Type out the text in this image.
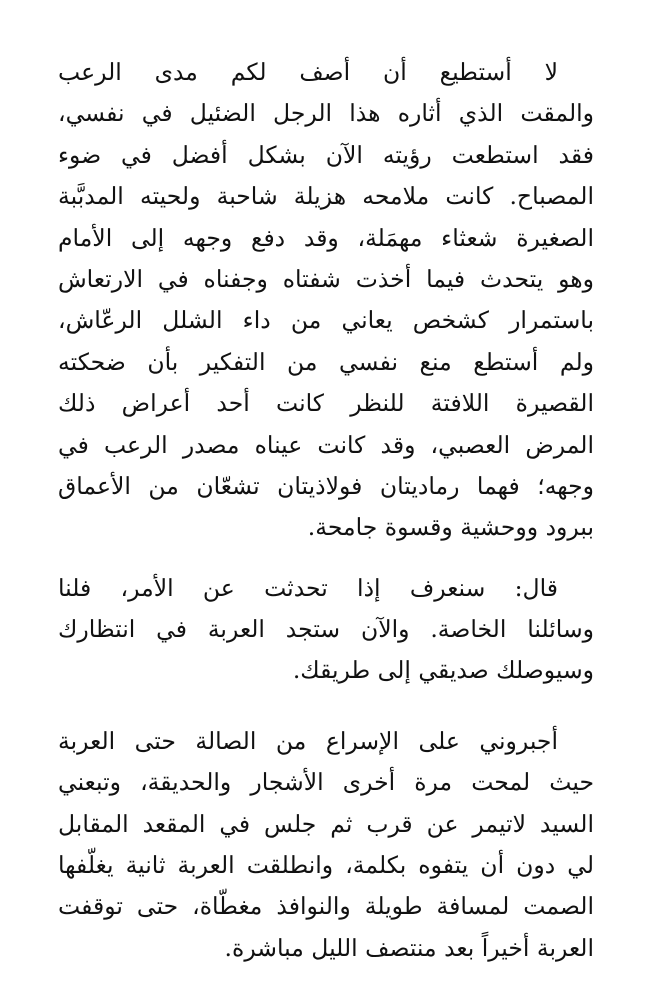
لا أستطيع أن أصف لكم مدى الرعب
والمقت الذي أثاره هذا الرجل الضئيل في نفسي،
فقد استطعت رؤيته الآن بشكل أفضل في ضوء
المصباح. كانت ملامحه هزيلة شاحبة ولحيته المدبَّبة
الصغيرة شعثاء مهمَلة، وقد دفع وجهه إلى الأمام
وهو يتحدث فيما أخذت شفتاه وجفناه في الارتعاش
باستمرار كشخص يعاني من داء الشلل الرعّاش،
ولم أستطع منع نفسي من التفكير بأن ضحكته
القصيرة اللافتة للنظر كانت أحد أعراض ذلك
المرض العصبي، وقد كانت عيناه مصدر الرعب في
وجهه؛ فهما رماديتان فولاذيتان تشعّان من الأعماق
ببرود ووحشية وقسوة جامحة.
قال: سنعرف إذا تحدثت عن الأمر، فلنا
وسائلنا الخاصة. والآن ستجد العربة في انتظارك
وسيوصلك صديقي إلى طريقك.
أجبروني على الإسراع من الصالة حتى العربة
حيث لمحت مرة أخرى الأشجار والحديقة، وتبعني
السيد لاتيمر عن قرب ثم جلس في المقعد المقابل
لي دون أن يتفوه بكلمة، وانطلقت العربة ثانية يغلّفها
الصمت لمسافة طويلة والنوافذ مغطّاة، حتى توقفت
العربة أخيراً بعد منتصف الليل مباشرة.
